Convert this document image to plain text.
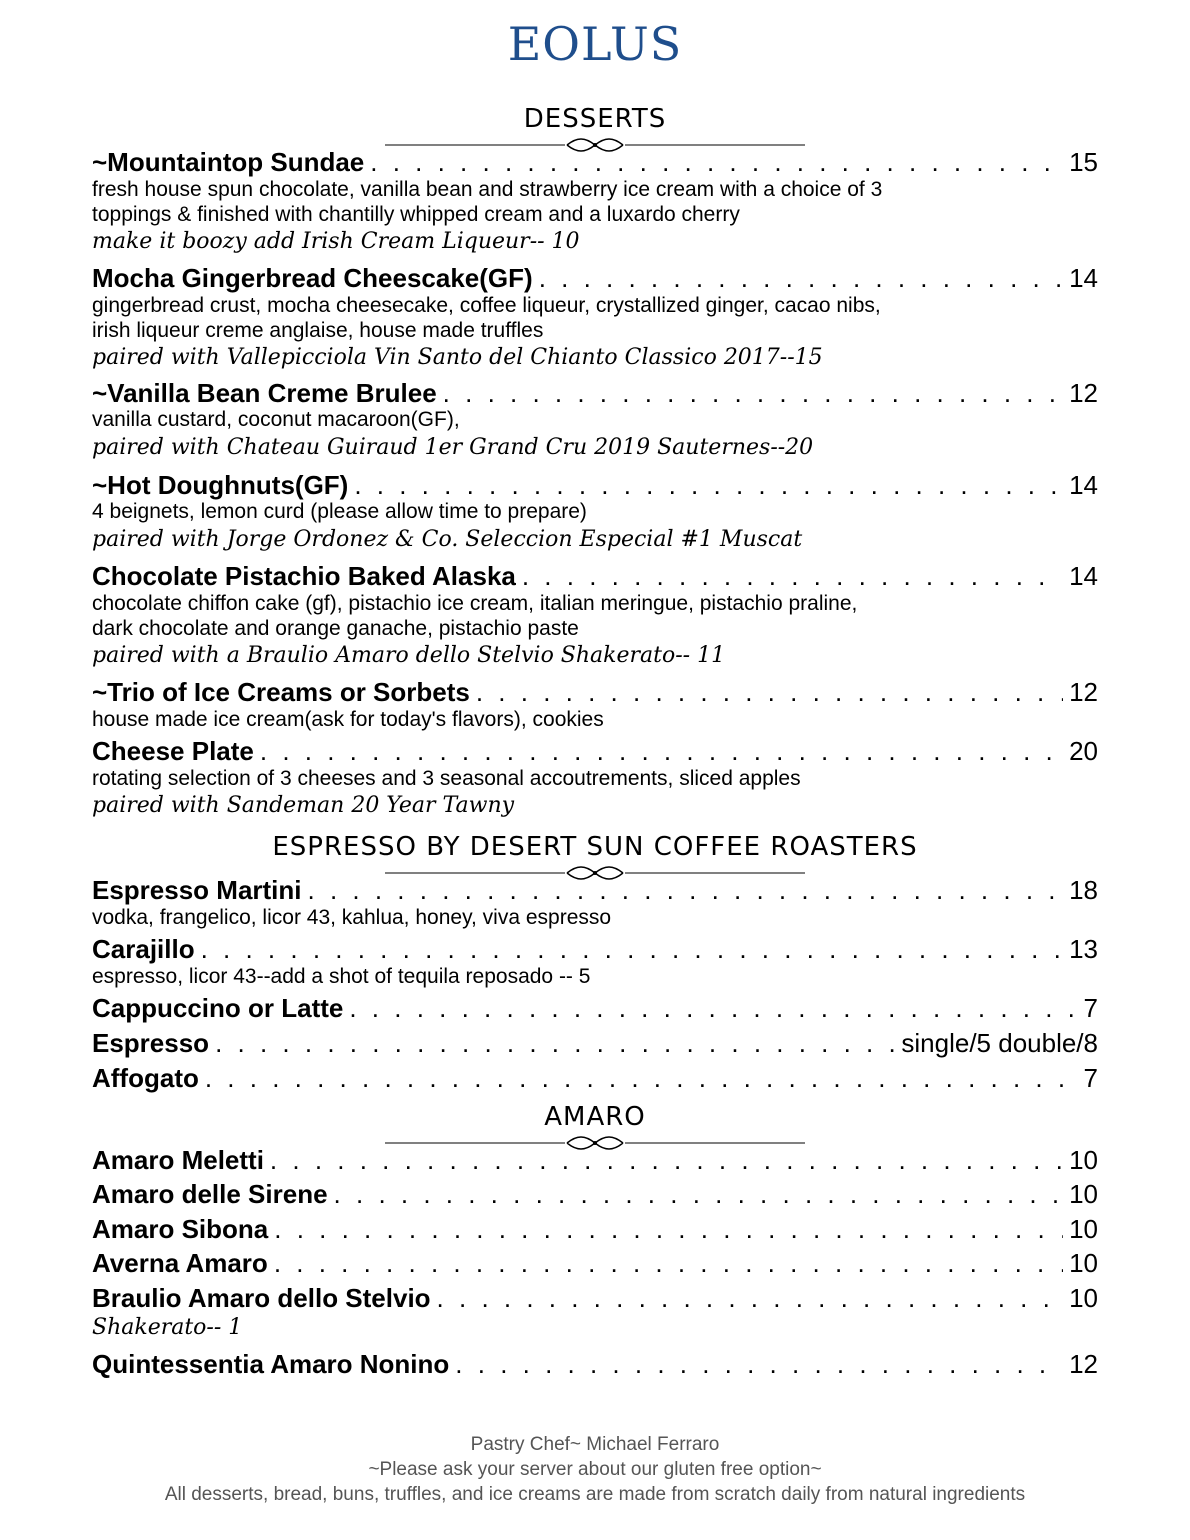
EOLUS
DESSERTS
~Mountaintop Sundae . . .	15
fresh house spun chocolate, vanilla bean and strawberry ice cream with a choice of 3
toppings & finished with chantilly whipped cream and a luxardo cherry
make it boozy add Irish Cream Liqueur-- 10
Mocha Gingerbread Cheescake(GF) . . .	14
gingerbread crust, mocha cheesecake, coffee liqueur, crystallized ginger, cacao nibs,
irish liqueur creme anglaise, house made truffles
paired with Vallepicciola Vin Santo del Chianto Classico 2017--15
~Vanilla Bean Creme Brulee . . .	12
vanilla custard, coconut macaroon(GF),
paired with Chateau Guiraud 1er Grand Cru 2019 Sauternes--20
~Hot Doughnuts(GF) . . .	14
4 beignets, lemon curd (please allow time to prepare)
paired with Jorge Ordonez & Co. Seleccion Especial #1 Muscat
Chocolate Pistachio Baked Alaska . . .	14
chocolate chiffon cake (gf), pistachio ice cream, italian meringue, pistachio praline,
dark chocolate and orange ganache, pistachio paste
paired with a Braulio Amaro dello Stelvio Shakerato-- 11
~Trio of Ice Creams or Sorbets . . .	12
house made ice cream(ask for today's flavors), cookies
Cheese Plate . . .	20
rotating selection of 3 cheeses and 3 seasonal accoutrements, sliced apples
paired with Sandeman 20 Year Tawny
ESPRESSO BY DESERT SUN COFFEE ROASTERS
Espresso Martini . . .	18
vodka, frangelico, licor 43, kahlua, honey, viva espresso
Carajillo . . .	13
espresso, licor 43--add a shot of tequila reposado -- 5
Cappuccino or Latte . . .	7
Espresso . . .	single/5 double/8
Affogato . . .	7
AMARO
Amaro Meletti . . .	10
Amaro delle Sirene . . .	10
Amaro Sibona . . .	10
Averna Amaro . . .	10
Braulio Amaro dello Stelvio . . .	10
Shakerato-- 1
Quintessentia Amaro Nonino . . .	12
Pastry Chef~ Michael Ferraro
~Please ask your server about our gluten free option~
All desserts, bread, buns, truffles, and ice creams are made from scratch daily from natural ingredients
